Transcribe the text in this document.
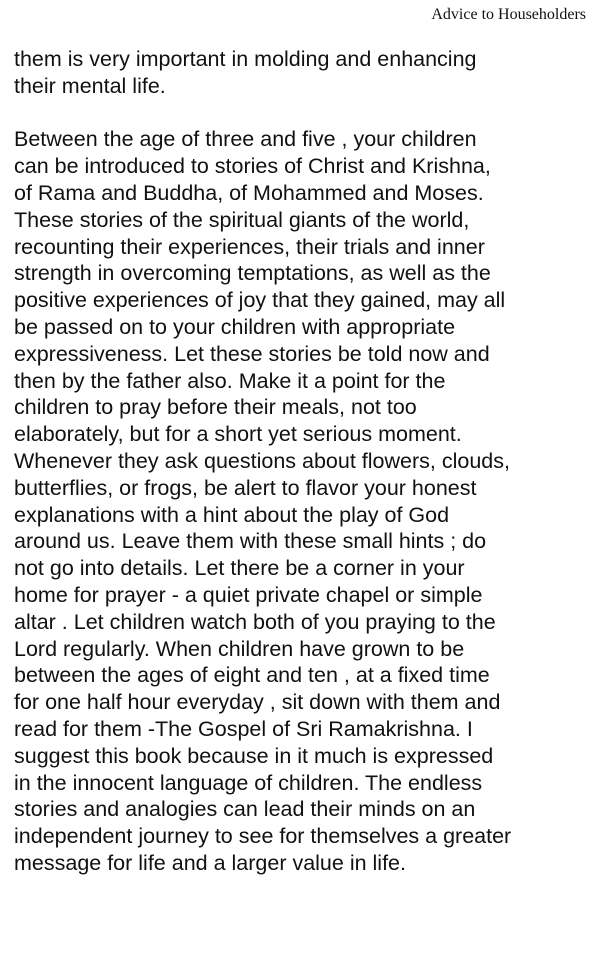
Advice to Householders

them is very important in molding and enhancing
their mental life.

Between the age of three and five , your children
can be introduced to stories of Christ and Krishna,
of Rama and Buddha, of Mohammed and Moses.
These stories of the spiritual giants of the world,
recounting their experiences, their trials and inner
strength in overcoming temptations, as well as the
positive experiences of joy that they gained, may all
be passed on to your children with appropriate
expressiveness. Let these stories be told now and
then by the father also. Make it a point for the
children to pray before their meals, not too
elaborately, but for a short yet serious moment.
Whenever they ask questions about flowers, clouds,
butterflies, or frogs, be alert to flavor your honest
explanations with a hint about the play of God
around us. Leave them with these small hints ; do
not go into details. Let there be a corner in your
home for prayer - a quiet private chapel or simple
altar . Let children watch both of you praying to the
Lord regularly. When children have grown to be
between the ages of eight and ten , at a fixed time
for one half hour everyday , sit down with them and
read for them -The Gospel of Sri Ramakrishna. I
suggest this book because in it much is expressed
in the innocent language of children. The endless
stories and analogies can lead their minds on an
independent journey to see for themselves a greater
message for life and a larger value in life.
